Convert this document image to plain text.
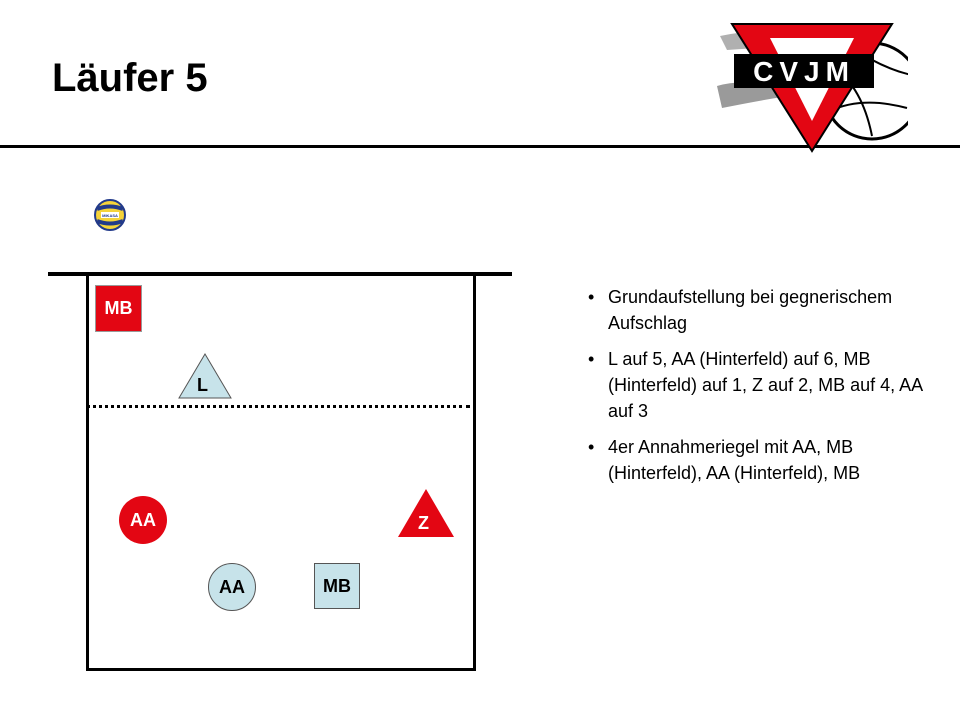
Läufer 5	CVJM
MIKASA
MB
L
AA	Z
AA	MB
• Grundaufstellung bei gegnerischem Aufschlag
• L auf 5, AA (Hinterfeld) auf 6, MB (Hinterfeld) auf 1, Z auf 2, MB auf 4, AA auf 3
• 4er Annahmeriegel mit AA, MB (Hinterfeld), AA (Hinterfeld), MB
